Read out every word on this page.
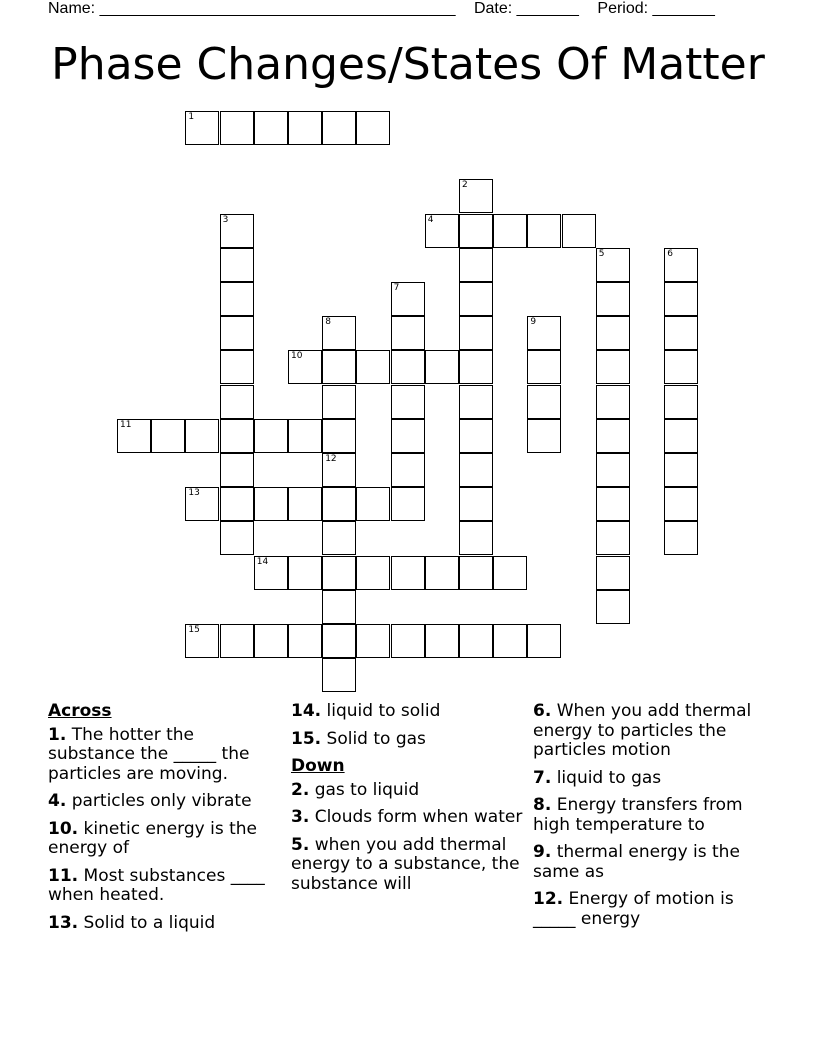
Name: ________________________________________ Date: _______ Period: _______
Phase Changes/States Of Matter
1
2
3	4
5	6
7
8
12
9
10
11
13
14
15
Across
1. The hotter the substance the _____ the particles are moving.
4. particles only vibrate
10. kinetic energy is the energy of
11. Most substances ____ when heated.
13. Solid to a liquid
14. liquid to solid
15. Solid to gas
Down
2. gas to liquid
3. Clouds form when water
5. when you add thermal energy to a substance, the substance will
6. When you add thermal energy to particles the particles motion
7. liquid to gas
8. Energy transfers from high temperature to
9. thermal energy is the same as
12. Energy of motion is _____ energy
